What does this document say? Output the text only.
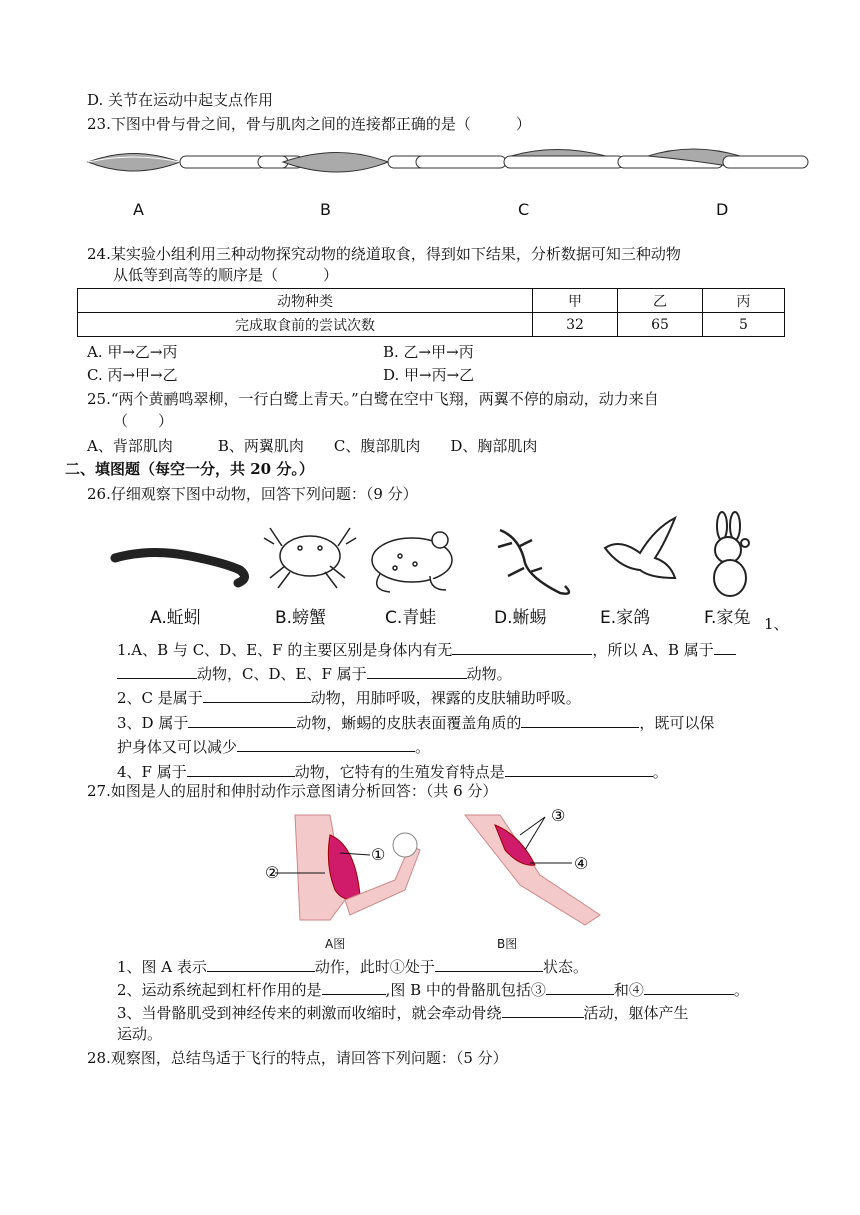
D. 关节在运动中起支点作用
23.下图中骨与骨之间，骨与肌肉之间的连接都正确的是（　　　）
A	B	C	D
24.某实验小组利用三种动物探究动物的绕道取食，得到如下结果，分析数据可知三种动物
从低等到高等的顺序是（　　　）
动物种类	甲	乙	丙
完成取食前的尝试次数	32	65	5
A. 甲→乙→丙	B. 乙→甲→丙
C. 丙→甲→乙	D. 甲→丙→乙
25.“两个黄鹂鸣翠柳，一行白鹭上青天。”白鹭在空中飞翔，两翼不停的扇动，动力来自
（　　）
A、背部肌肉　　　B、两翼肌肉　　C、腹部肌肉　　D、胸部肌肉
二、填图题（每空一分，共 20 分。）
26.仔细观察下图中动物，回答下列问题：（9 分）
A.蚯蚓	B.螃蟹	C.青蛙	D.蜥蜴	E.家鸽	F.家兔 1、
1.A、B 与 C、D、E、F 的主要区别是身体内有无	，所以 A、B 属于
动物，C、D、E、F 属于	动物。
2、C 是属于	动物，用肺呼吸，裸露的皮肤辅助呼吸。
3、D 属于	动物，蜥蜴的皮肤表面覆盖角质的	，既可以保
护身体又可以减少	。
4、F 属于	动物，它特有的生殖发育特点是	。
27.如图是人的屈肘和伸肘动作示意图请分析回答：（共 6 分）
①
②
③
④
A图	B图
1、图 A 表示	动作，此时①处于	状态。
2、运动系统起到杠杆作用的是	,图 B 中的骨骼肌包括③	和④	。
3、当骨骼肌受到神经传来的刺激而收缩时，就会牵动骨绕	活动，躯体产生
运动。
28.观察图，总结鸟适于飞行的特点，请回答下列问题：（5 分）
